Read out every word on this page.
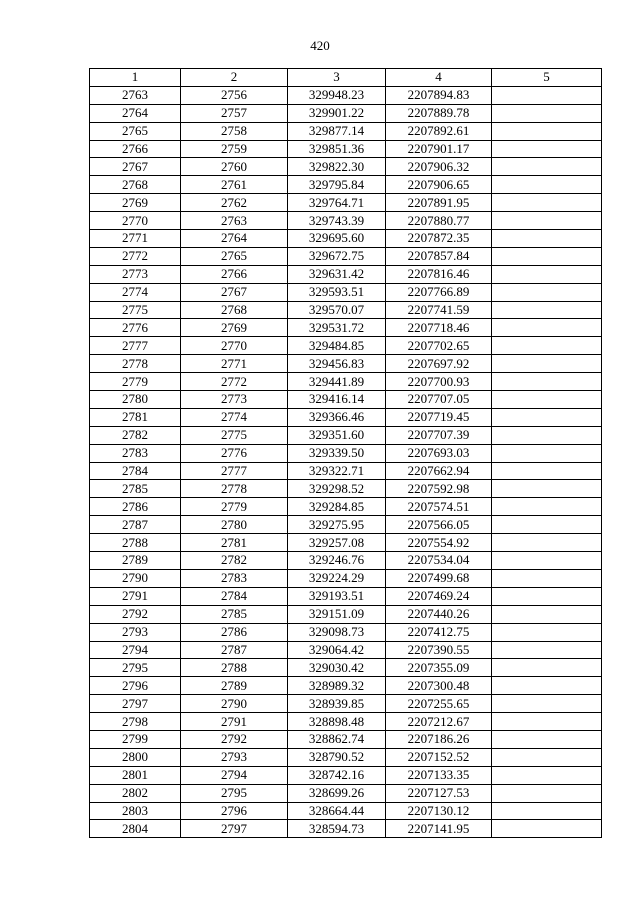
420
1	2	3	4	5
2763	2756	329948.23	2207894.83	
2764	2757	329901.22	2207889.78	
2765	2758	329877.14	2207892.61	
2766	2759	329851.36	2207901.17	
2767	2760	329822.30	2207906.32	
2768	2761	329795.84	2207906.65	
2769	2762	329764.71	2207891.95	
2770	2763	329743.39	2207880.77	
2771	2764	329695.60	2207872.35	
2772	2765	329672.75	2207857.84	
2773	2766	329631.42	2207816.46	
2774	2767	329593.51	2207766.89	
2775	2768	329570.07	2207741.59	
2776	2769	329531.72	2207718.46	
2777	2770	329484.85	2207702.65	
2778	2771	329456.83	2207697.92	
2779	2772	329441.89	2207700.93	
2780	2773	329416.14	2207707.05	
2781	2774	329366.46	2207719.45	
2782	2775	329351.60	2207707.39	
2783	2776	329339.50	2207693.03	
2784	2777	329322.71	2207662.94	
2785	2778	329298.52	2207592.98	
2786	2779	329284.85	2207574.51	
2787	2780	329275.95	2207566.05	
2788	2781	329257.08	2207554.92	
2789	2782	329246.76	2207534.04	
2790	2783	329224.29	2207499.68	
2791	2784	329193.51	2207469.24	
2792	2785	329151.09	2207440.26	
2793	2786	329098.73	2207412.75	
2794	2787	329064.42	2207390.55	
2795	2788	329030.42	2207355.09	
2796	2789	328989.32	2207300.48	
2797	2790	328939.85	2207255.65	
2798	2791	328898.48	2207212.67	
2799	2792	328862.74	2207186.26	
2800	2793	328790.52	2207152.52	
2801	2794	328742.16	2207133.35	
2802	2795	328699.26	2207127.53	
2803	2796	328664.44	2207130.12	
2804	2797	328594.73	2207141.95	
